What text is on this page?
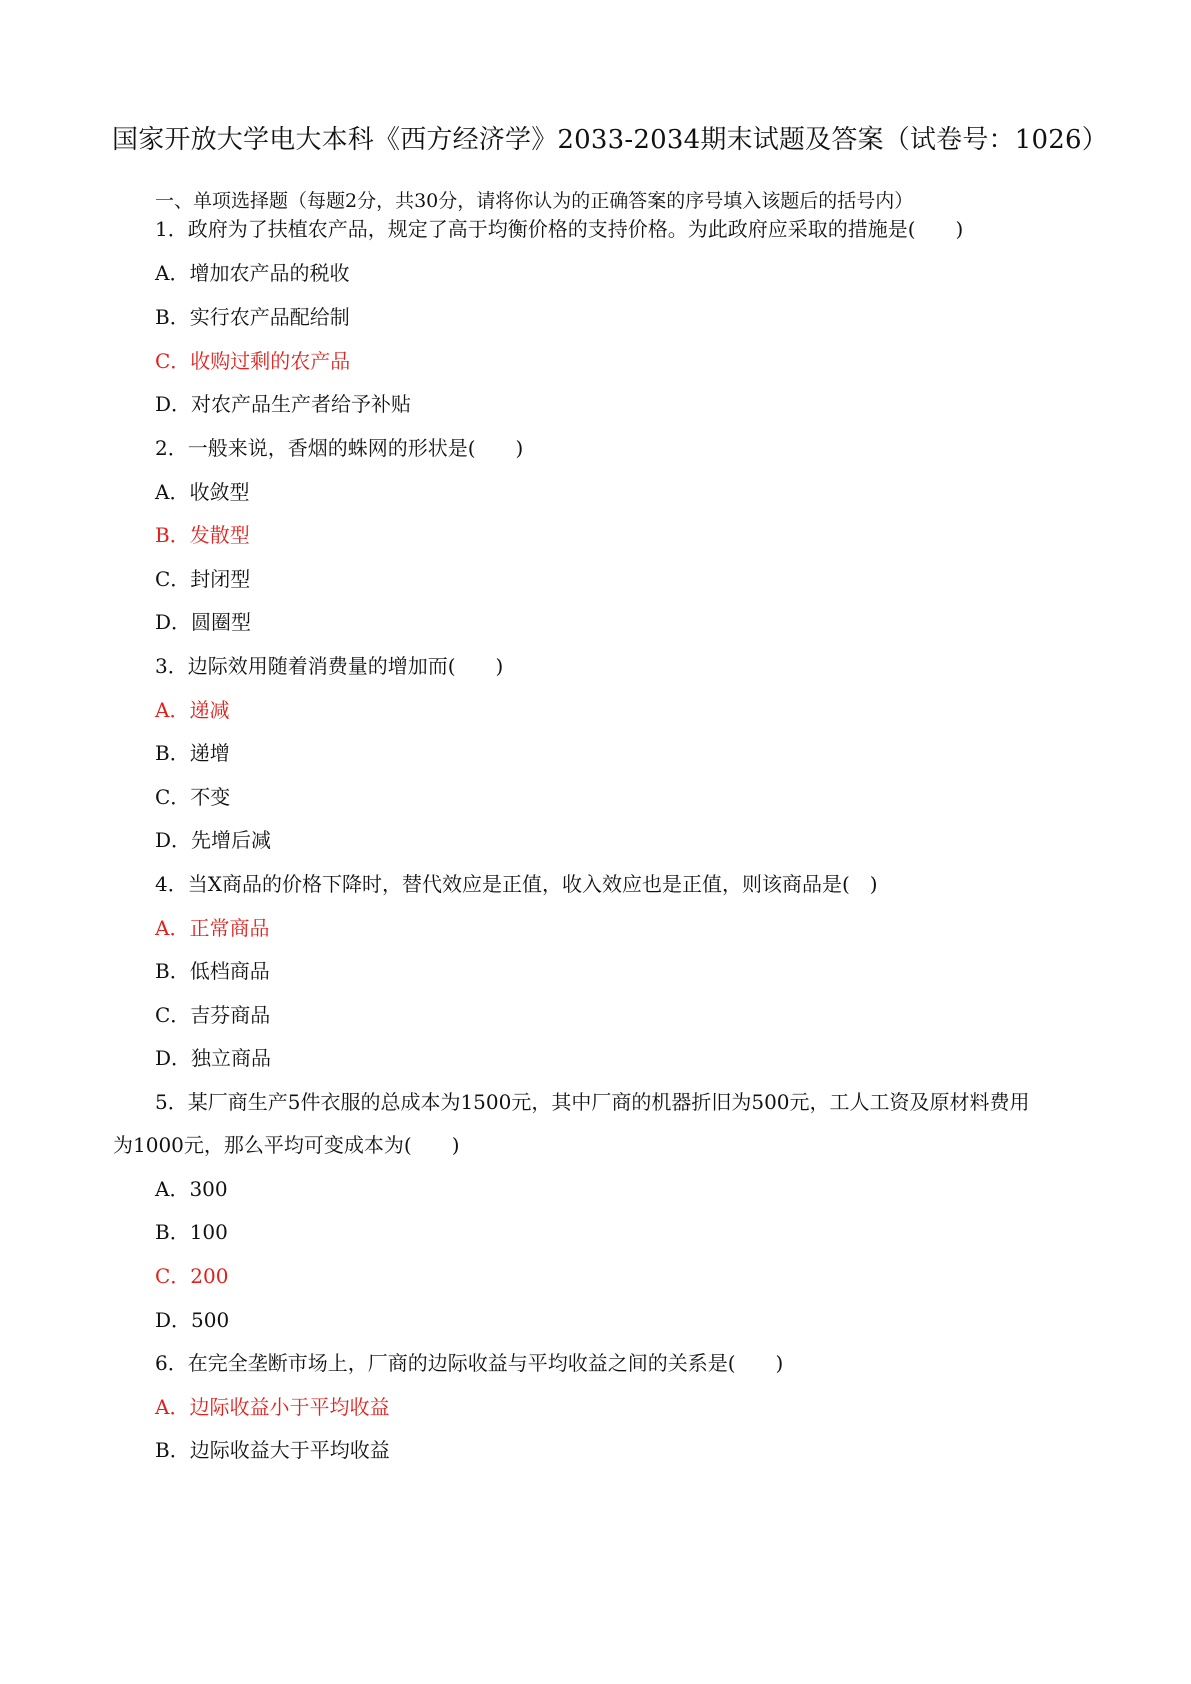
国家开放大学电大本科《西方经济学》2033-2034期末试题及答案（试卷号：1026）
一、单项选择题（每题2分，共30分，请将你认为的正确答案的序号填入该题后的括号内）
1．政府为了扶植农产品，规定了高于均衡价格的支持价格。为此政府应采取的措施是(　　)
A．增加农产品的税收
B．实行农产品配给制
C．收购过剩的农产品
D．对农产品生产者给予补贴
2．一般来说，香烟的蛛网的形状是(　　)
A．收敛型
B．发散型
C．封闭型
D．圆圈型
3．边际效用随着消费量的增加而(　　)
A．递减
B．递增
C．不变
D．先增后减
4．当X商品的价格下降时，替代效应是正值，收入效应也是正值，则该商品是(　)
A．正常商品
B．低档商品
C．吉芬商品
D．独立商品
5．某厂商生产5件衣服的总成本为1500元，其中厂商的机器折旧为500元，工人工资及原材料费用
为1000元，那么平均可变成本为(　　)
A．300
B．100
C．200
D．500
6．在完全垄断市场上，厂商的边际收益与平均收益之间的关系是(　　)
A．边际收益小于平均收益
B．边际收益大于平均收益
